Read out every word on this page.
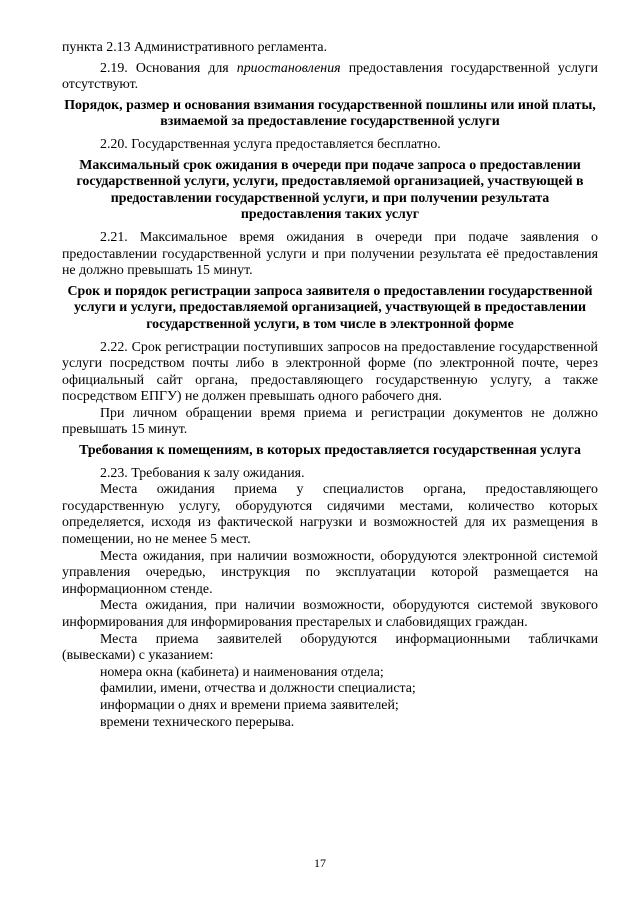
пункта 2.13 Административного регламента.

2.19. Основания для приостановления предоставления государственной услуги отсутствуют.

Порядок, размер и основания взимания государственной пошлины или иной платы, взимаемой за предоставление государственной услуги

2.20. Государственная услуга предоставляется бесплатно.

Максимальный срок ожидания в очереди при подаче запроса о предоставлении государственной услуги, услуги, предоставляемой организацией, участвующей в предоставлении государственной услуги, и при получении результата предоставления таких услуг

2.21. Максимальное время ожидания в очереди при подаче заявления о предоставлении государственной услуги и при получении результата её предоставления не должно превышать 15 минут.

Срок и порядок регистрации запроса заявителя о предоставлении государственной услуги и услуги, предоставляемой организацией, участвующей в предоставлении государственной услуги, в том числе в электронной форме

2.22. Срок регистрации поступивших запросов на предоставление государственной услуги посредством почты либо в электронной форме (по электронной почте, через официальный сайт органа, предоставляющего государственную услугу, а также посредством ЕПГУ) не должен превышать одного рабочего дня.

При личном обращении время приема и регистрации документов не должно превышать 15 минут.

Требования к помещениям, в которых предоставляется государственная услуга

2.23. Требования к залу ожидания.

Места ожидания приема у специалистов органа, предоставляющего государственную услугу, оборудуются сидячими местами, количество которых определяется, исходя из фактической нагрузки и возможностей для их размещения в помещении, но не менее 5 мест.

Места ожидания, при наличии возможности, оборудуются электронной системой управления очередью, инструкция по эксплуатации которой размещается на информационном стенде.

Места ожидания, при наличии возможности, оборудуются системой звукового информирования для информирования престарелых и слабовидящих граждан.

Места приема заявителей оборудуются информационными табличками (вывесками) с указанием:

номера окна (кабинета) и наименования отдела;
фамилии, имени, отчества и должности специалиста;
информации о днях и времени приема заявителей;
времени технического перерыва.
17
